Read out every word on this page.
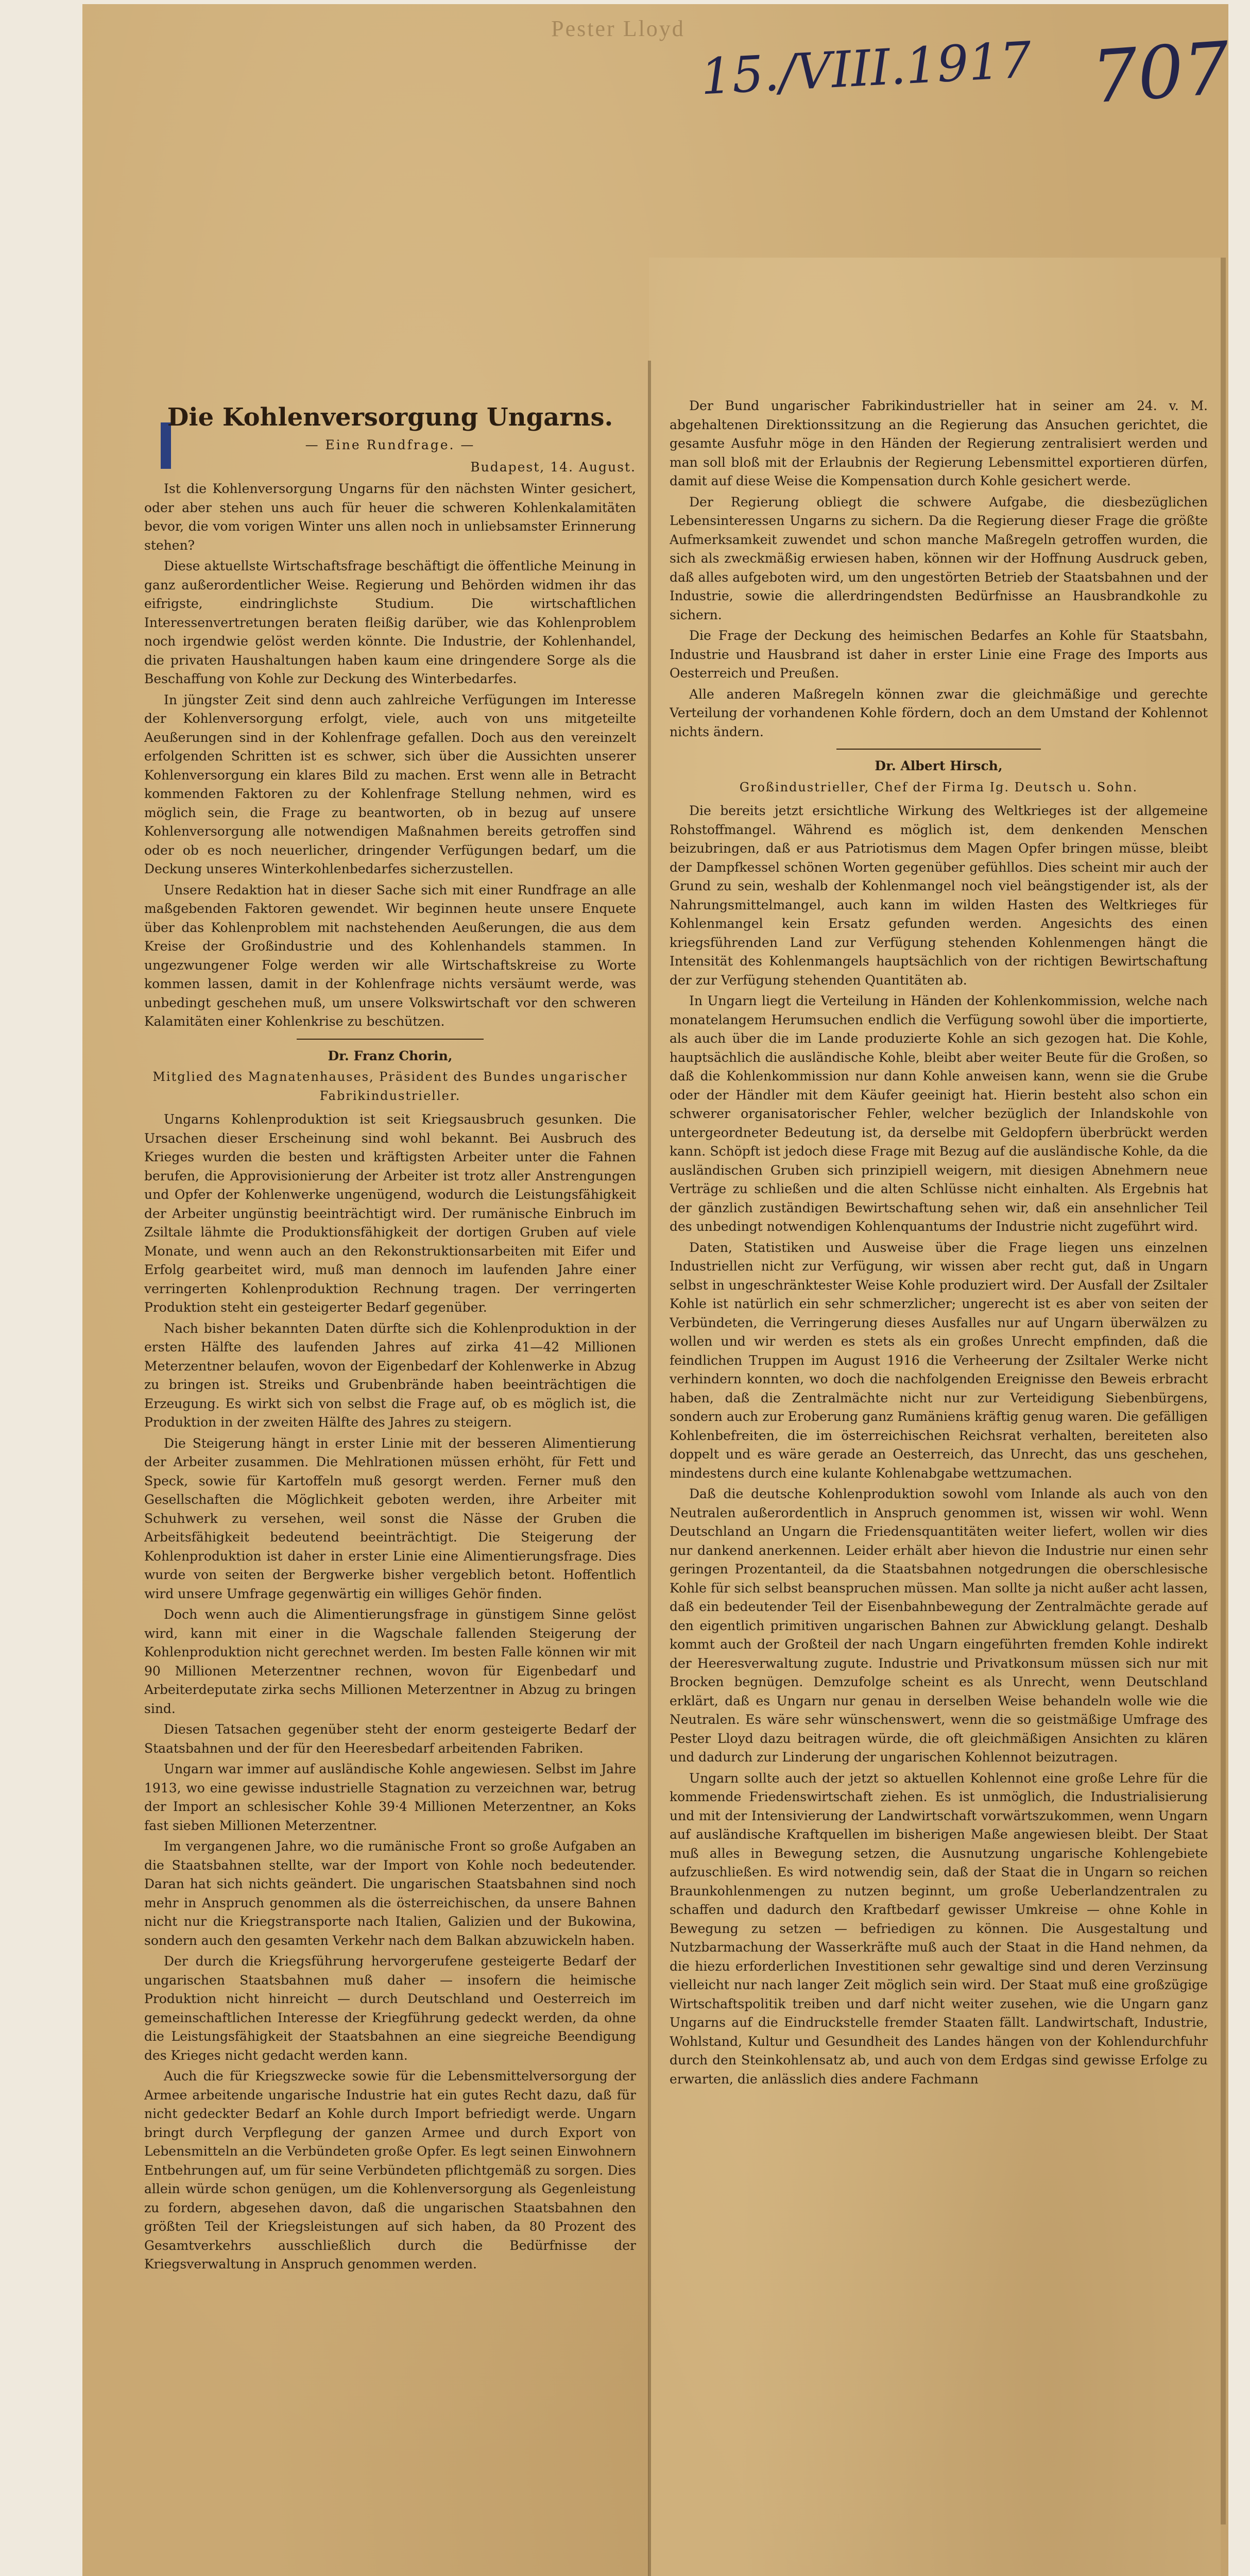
Pester Lloyd
15./VIII.1917 707

Die Kohlenversorgung Ungarns.

— Eine Rundfrage. —

Budapest, 14. August.

Ist die Kohlenversorgung Ungarns für den nächsten Winter gesichert, oder aber stehen uns auch für heuer die schweren Kohlenkalamitäten bevor, die vom vorigen Winter uns allen noch in unliebsamster Erinnerung stehen?

Diese aktuellste Wirtschaftsfrage beschäftigt die öffentliche Meinung in ganz außerordentlicher Weise. Regierung und Behörden widmen ihr das eifrigste, eindringlichste Studium. Die wirtschaftlichen Interessenvertretungen beraten fleißig darüber, wie das Kohlenproblem noch irgendwie gelöst werden könnte. Die Industrie, der Kohlenhandel, die privaten Haushaltungen haben kaum eine dringendere Sorge als die Beschaffung von Kohle zur Deckung des Winterbedarfes.

In jüngster Zeit sind denn auch zahlreiche Verfügungen im Interesse der Kohlenversorgung erfolgt, viele, auch von uns mitgeteilte Aeußerungen sind in der Kohlenfrage gefallen. Doch aus den vereinzelt erfolgenden Schritten ist es schwer, sich über die Aussichten unserer Kohlenversorgung ein klares Bild zu machen. Erst wenn alle in Betracht kommenden Faktoren zu der Kohlenfrage Stellung nehmen, wird es möglich sein, die Frage zu beantworten, ob in bezug auf unsere Kohlenversorgung alle notwendigen Maßnahmen bereits getroffen sind oder ob es noch neuerlicher, dringender Verfügungen bedarf, um die Deckung unseres Winterkohlenbedarfes sicherzustellen.

Unsere Redaktion hat in dieser Sache sich mit einer Rundfrage an alle maßgebenden Faktoren gewendet. Wir beginnen heute unsere Enquete über das Kohlenproblem mit nachstehenden Aeußerungen, die aus dem Kreise der Großindustrie und des Kohlenhandels stammen. In ungezwungener Folge werden wir alle Wirtschaftskreise zu Worte kommen lassen, damit in der Kohlenfrage nichts versäumt werde, was unbedingt geschehen muß, um unsere Volkswirtschaft vor den schweren Kalamitäten einer Kohlenkrise zu beschützen.

Dr. Franz Chorin,

Mitglied des Magnatenhauses, Präsident des Bundes ungarischer Fabrikindustrieller.

Ungarns Kohlenproduktion ist seit Kriegsausbruch gesunken. Die Ursachen dieser Erscheinung sind wohl bekannt. Bei Ausbruch des Krieges wurden die besten und kräftigsten Arbeiter unter die Fahnen berufen, die Approvisionierung der Arbeiter ist trotz aller Anstrengungen und Opfer der Kohlenwerke ungenügend, wodurch die Leistungsfähigkeit der Arbeiter ungünstig beeinträchtigt wird. Der rumänische Einbruch im Zsiltale lähmte die Produktionsfähigkeit der dortigen Gruben auf viele Monate, und wenn auch an den Rekonstruktionsarbeiten mit Eifer und Erfolg gearbeitet wird, muß man dennoch im laufenden Jahre einer verringerten Kohlenproduktion Rechnung tragen. Der verringerten Produktion steht ein gesteigerter Bedarf gegenüber.

Nach bisher bekannten Daten dürfte sich die Kohlenproduktion in der ersten Hälfte des laufenden Jahres auf zirka 41—42 Millionen Meterzentner belaufen, wovon der Eigenbedarf der Kohlenwerke in Abzug zu bringen ist. Streiks und Grubenbrände haben beeinträchtigen die Erzeugung. Es wirkt sich von selbst die Frage auf, ob es möglich ist, die Produktion in der zweiten Hälfte des Jahres zu steigern.

Die Steigerung hängt in erster Linie mit der besseren Alimentierung der Arbeiter zusammen. Die Mehlrationen müssen erhöht, für Fett und Speck, sowie für Kartoffeln muß gesorgt werden. Ferner muß den Gesellschaften die Möglichkeit geboten werden, ihre Arbeiter mit Schuhwerk zu versehen, weil sonst die Nässe der Gruben die Arbeitsfähigkeit bedeutend beeinträchtigt. Die Steigerung der Kohlenproduktion ist daher in erster Linie eine Alimentierungsfrage. Dies wurde von seiten der Bergwerke bisher vergeblich betont. Hoffentlich wird unsere Umfrage gegenwärtig ein williges Gehör finden.

Doch wenn auch die Alimentierungsfrage in günstigem Sinne gelöst wird, kann mit einer in die Wagschale fallenden Steigerung der Kohlenproduktion nicht gerechnet werden. Im besten Falle können wir mit 90 Millionen Meterzentner rechnen, wovon für Eigenbedarf und Arbeiterdeputate zirka sechs Millionen Meterzentner in Abzug zu bringen sind.

Diesen Tatsachen gegenüber steht der enorm gesteigerte Bedarf der Staatsbahnen und der für den Heeresbedarf arbeitenden Fabriken.

Ungarn war immer auf ausländische Kohle angewiesen. Selbst im Jahre 1913, wo eine gewisse industrielle Stagnation zu verzeichnen war, betrug der Import an schlesischer Kohle 39·4 Millionen Meterzentner, an Koks fast sieben Millionen Meterzentner.

Im vergangenen Jahre, wo die rumänische Front so große Aufgaben an die Staatsbahnen stellte, war der Import von Kohle noch bedeutender. Daran hat sich nichts geändert. Die ungarischen Staatsbahnen sind noch mehr in Anspruch genommen als die österreichischen, da unsere Bahnen nicht nur die Kriegstransporte nach Italien, Galizien und der Bukowina, sondern auch den gesamten Verkehr nach dem Balkan abzuwickeln haben.

Der durch die Kriegsführung hervorgerufene gesteigerte Bedarf der ungarischen Staatsbahnen muß daher — insofern die heimische Produktion nicht hinreicht — durch Deutschland und Oesterreich im gemeinschaftlichen Interesse der Kriegführung gedeckt werden, da ohne die Leistungsfähigkeit der Staatsbahnen an eine siegreiche Beendigung des Krieges nicht gedacht werden kann.

Auch die für Kriegszwecke sowie für die Lebensmittelversorgung der Armee arbeitende ungarische Industrie hat ein gutes Recht dazu, daß für nicht gedeckter Bedarf an Kohle durch Import befriedigt werde. Ungarn bringt durch Verpflegung der ganzen Armee und durch Export von Lebensmitteln an die Verbündeten große Opfer. Es legt seinen Einwohnern Entbehrungen auf, um für seine Verbündeten pflichtgemäß zu sorgen. Dies allein würde schon genügen, um die Kohlenversorgung als Gegenleistung zu fordern, abgesehen davon, daß die ungarischen Staatsbahnen den größten Teil der Kriegsleistungen auf sich haben, da 80 Prozent des Gesamtverkehrs ausschließlich durch die Bedürfnisse der Kriegsverwaltung in Anspruch genommen werden.

Der Bund ungarischer Fabrikindustrieller hat in seiner am 24. v. M. abgehaltenen Direktionssitzung an die Regierung das Ansuchen gerichtet, die gesamte Ausfuhr möge in den Händen der Regierung zentralisiert werden und man soll bloß mit der Erlaubnis der Regierung Lebensmittel exportieren dürfen, damit auf diese Weise die Kompensation durch Kohle gesichert werde.

Der Regierung obliegt die schwere Aufgabe, die diesbezüglichen Lebensinteressen Ungarns zu sichern. Da die Regierung dieser Frage die größte Aufmerksamkeit zuwendet und schon manche Maßregeln getroffen wurden, die sich als zweckmäßig erwiesen haben, können wir der Hoffnung Ausdruck geben, daß alles aufgeboten wird, um den ungestörten Betrieb der Staatsbahnen und der Industrie, sowie die allerdringendsten Bedürfnisse an Hausbrandkohle zu sichern.

Die Frage der Deckung des heimischen Bedarfes an Kohle für Staatsbahn, Industrie und Hausbrand ist daher in erster Linie eine Frage des Imports aus Oesterreich und Preußen.

Alle anderen Maßregeln können zwar die gleichmäßige und gerechte Verteilung der vorhandenen Kohle fördern, doch an dem Umstand der Kohlennot nichts ändern.

Dr. Albert Hirsch,

Großindustrieller, Chef der Firma Ig. Deutsch u. Sohn.

Die bereits jetzt ersichtliche Wirkung des Weltkrieges ist der allgemeine Rohstoffmangel. Während es möglich ist, dem denkenden Menschen beizubringen, daß er aus Patriotismus dem Magen Opfer bringen müsse, bleibt der Dampfkessel schönen Worten gegenüber gefühllos. Dies scheint mir auch der Grund zu sein, weshalb der Kohlenmangel noch viel beängstigender ist, als der Nahrungsmittelmangel, auch kann im wilden Hasten des Weltkrieges für Kohlenmangel kein Ersatz gefunden werden. Angesichts des einen kriegsführenden Land zur Verfügung stehenden Kohlenmengen hängt die Intensität des Kohlenmangels hauptsächlich von der richtigen Bewirtschaftung der zur Verfügung stehenden Quantitäten ab.

In Ungarn liegt die Verteilung in Händen der Kohlenkommission, welche nach monatelangem Herumsuchen endlich die Verfügung sowohl über die importierte, als auch über die im Lande produzierte Kohle an sich gezogen hat. Die Kohle, hauptsächlich die ausländische Kohle, bleibt aber weiter Beute für die Großen, so daß die Kohlenkommission nur dann Kohle anweisen kann, wenn sie die Grube oder der Händler mit dem Käufer geeinigt hat. Hierin besteht also schon ein schwerer organisatorischer Fehler, welcher bezüglich der Inlandskohle von untergeordneter Bedeutung ist, da derselbe mit Geldopfern überbrückt werden kann. Schöpft ist jedoch diese Frage mit Bezug auf die ausländische Kohle, da die ausländischen Gruben sich prinzipiell weigern, mit diesigen Abnehmern neue Verträge zu schließen und die alten Schlüsse nicht einhalten. Als Ergebnis hat der gänzlich zuständigen Bewirtschaftung sehen wir, daß ein ansehnlicher Teil des unbedingt notwendigen Kohlenquantums der Industrie nicht zugeführt wird.

Daten, Statistiken und Ausweise über die Frage liegen uns einzelnen Industriellen nicht zur Verfügung, wir wissen aber recht gut, daß in Ungarn selbst in ungeschränktester Weise Kohle produziert wird. Der Ausfall der Zsiltaler Kohle ist natürlich ein sehr schmerzlicher; ungerecht ist es aber von seiten der Verbündeten, die Verringerung dieses Ausfalles nur auf Ungarn überwälzen zu wollen und wir werden es stets als ein großes Unrecht empfinden, daß die feindlichen Truppen im August 1916 die Verheerung der Zsiltaler Werke nicht verhindern konnten, wo doch die nachfolgenden Ereignisse den Beweis erbracht haben, daß die Zentralmächte nicht nur zur Verteidigung Siebenbürgens, sondern auch zur Eroberung ganz Rumäniens kräftig genug waren. Die gefälligen Kohlenbefreiten, die im österreichischen Reichsrat verhalten, bereiteten also doppelt und es wäre gerade an Oesterreich, das Unrecht, das uns geschehen, mindestens durch eine kulante Kohlenabgabe wettzumachen.

Daß die deutsche Kohlenproduktion sowohl vom Inlande als auch von den Neutralen außerordentlich in Anspruch genommen ist, wissen wir wohl. Wenn Deutschland an Ungarn die Friedensquantitäten weiter liefert, wollen wir dies nur dankend anerkennen. Leider erhält aber hievon die Industrie nur einen sehr geringen Prozentanteil, da die Staatsbahnen notgedrungen die oberschlesische Kohle für sich selbst beanspruchen müssen. Man sollte ja nicht außer acht lassen, daß ein bedeutender Teil der Eisenbahnbewegung der Zentralmächte gerade auf den eigentlich primitiven ungarischen Bahnen zur Abwicklung gelangt. Deshalb kommt auch der Großteil der nach Ungarn eingeführten fremden Kohle indirekt der Heeresverwaltung zugute. Industrie und Privatkonsum müssen sich nur mit Brocken begnügen. Demzufolge scheint es als Unrecht, wenn Deutschland erklärt, daß es Ungarn nur genau in derselben Weise behandeln wolle wie die Neutralen. Es wäre sehr wünschenswert, wenn die so geistmäßige Umfrage des Pester Lloyd dazu beitragen würde, die oft gleichmäßigen Ansichten zu klären und dadurch zur Linderung der ungarischen Kohlennot beizutragen.

Ungarn sollte auch der jetzt so aktuellen Kohlennot eine große Lehre für die kommende Friedenswirtschaft ziehen. Es ist unmöglich, die Industrialisierung und mit der Intensivierung der Landwirtschaft vorwärtszukommen, wenn Ungarn auf ausländische Kraftquellen im bisherigen Maße angewiesen bleibt. Der Staat muß alles in Bewegung setzen, die Ausnutzung ungarische Kohlengebiete aufzuschließen. Es wird notwendig sein, daß der Staat die in Ungarn so reichen Braunkohlenmengen zu nutzen beginnt, um große Ueberlandzentralen zu schaffen und dadurch den Kraftbedarf gewisser Umkreise — ohne Kohle in Bewegung zu setzen — befriedigen zu können. Die Ausgestaltung und Nutzbarmachung der Wasserkräfte muß auch der Staat in die Hand nehmen, da die hiezu erforderlichen Investitionen sehr gewaltige sind und deren Verzinsung vielleicht nur nach langer Zeit möglich sein wird. Der Staat muß eine großzügige Wirtschaftspolitik treiben und darf nicht weiter zusehen, wie die Ungarn ganz Ungarns auf die Eindruckstelle fremder Staaten fällt. Landwirtschaft, Industrie, Wohlstand, Kultur und Gesundheit des Landes hängen von der Kohlendurchfuhr durch den Steinkohlensatz ab, und auch von dem Erdgas sind gewisse Erfolge zu erwarten, die anlässlich dies andere Fachmann
